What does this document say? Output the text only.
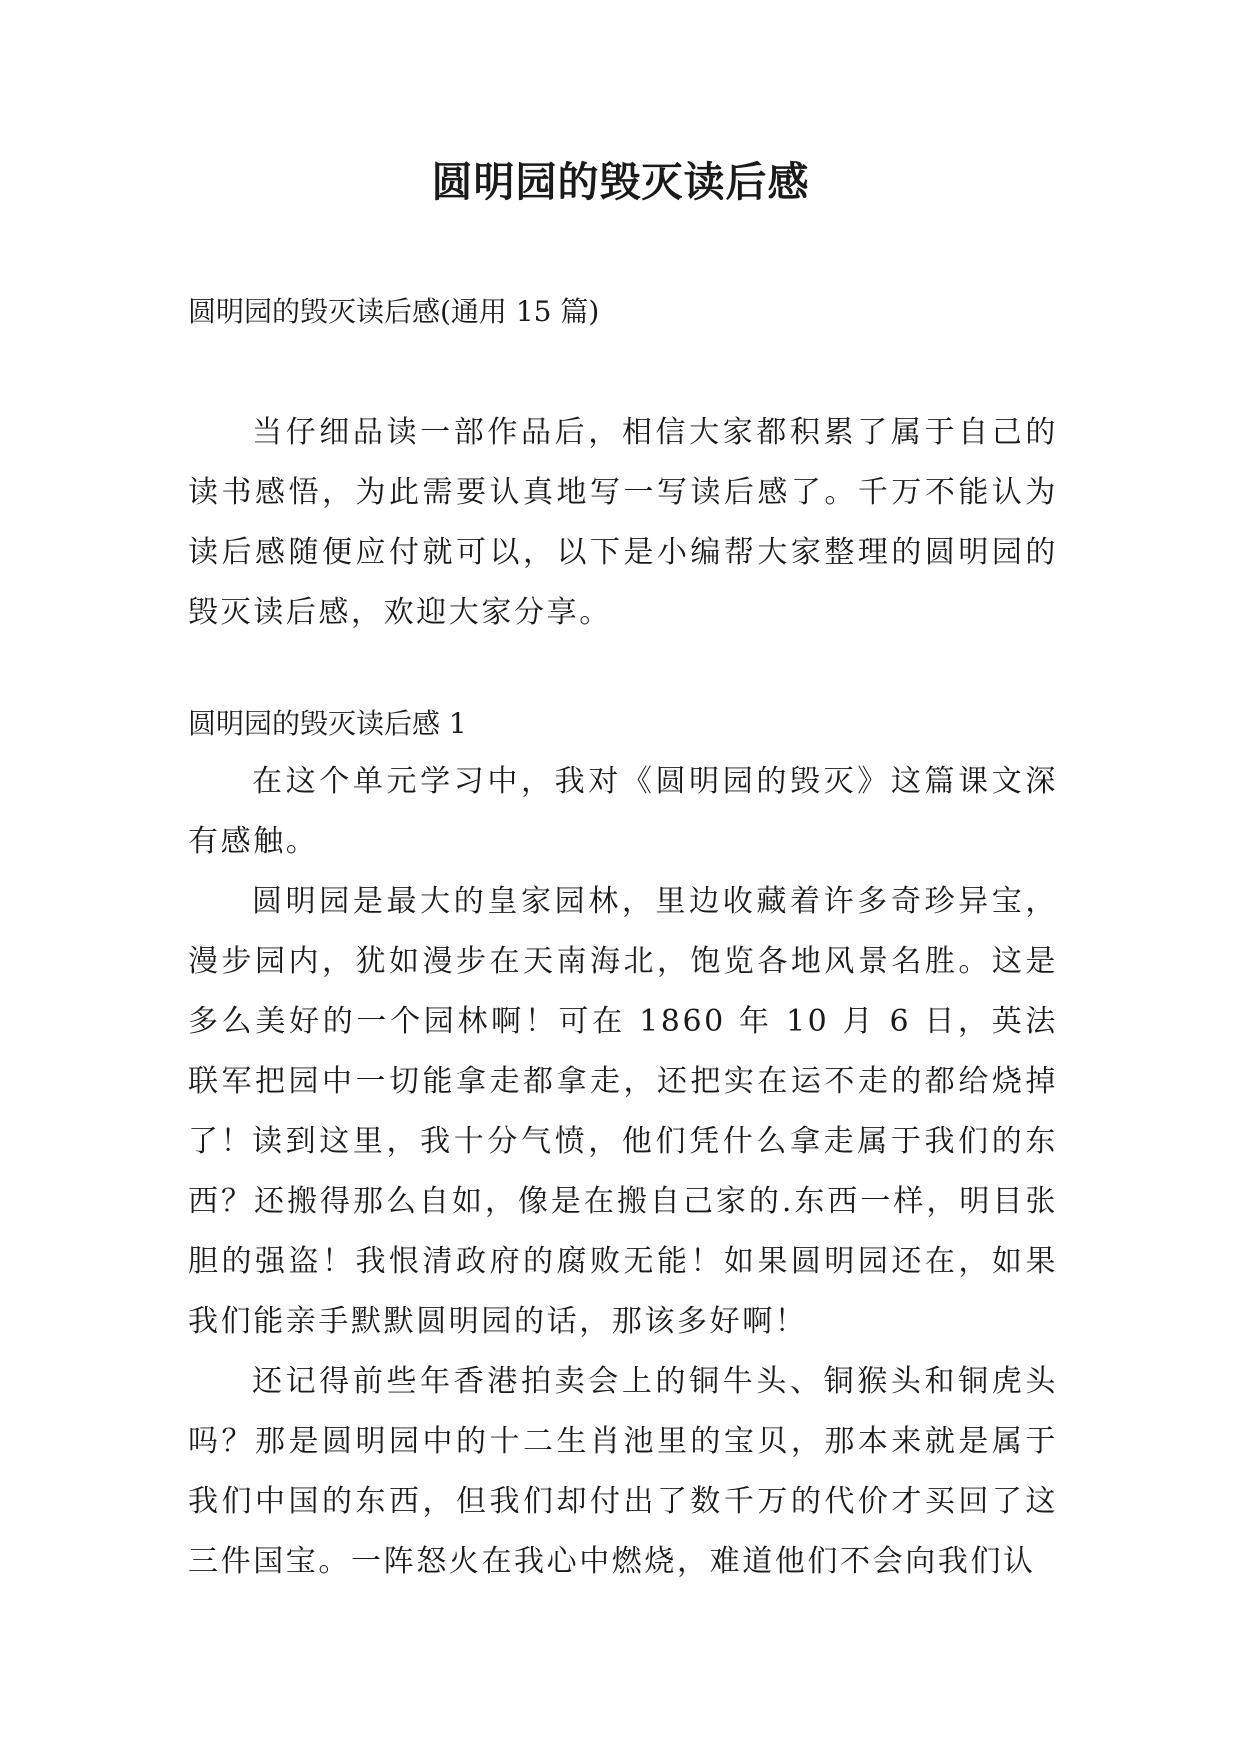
圆明园的毁灭读后感

圆明园的毁灭读后感(通用 15 篇)

当仔细品读一部作品后，相信大家都积累了属于自己的读书感悟，为此需要认真地写一写读后感了。千万不能认为读后感随便应付就可以，以下是小编帮大家整理的圆明园的毁灭读后感，欢迎大家分享。

圆明园的毁灭读后感 1

在这个单元学习中，我对《圆明园的毁灭》这篇课文深有感触。

圆明园是最大的皇家园林，里边收藏着许多奇珍异宝，漫步园内，犹如漫步在天南海北，饱览各地风景名胜。这是多么美好的一个园林啊！可在 1860 年 10 月 6 日，英法联军把园中一切能拿走都拿走，还把实在运不走的都给烧掉了！

读到这里，我十分气愤，他们凭什么拿走属于我们的东西？还搬得那么自如，像是在搬自己家的.东西一样，明目张胆的强盗！我恨清政府的腐败无能！如果圆明园还在，如果我们能亲手默默圆明园的话，那该多好啊！

还记得前些年香港拍卖会上的铜牛头、铜猴头和铜虎头吗？那是圆明园中的十二生肖池里的宝贝，那本来就是属于我们中国的东西，但我们却付出了数千万的代价才买回了这三件国宝。一阵怒火在我心中燃烧，难道他们不会向我们认
